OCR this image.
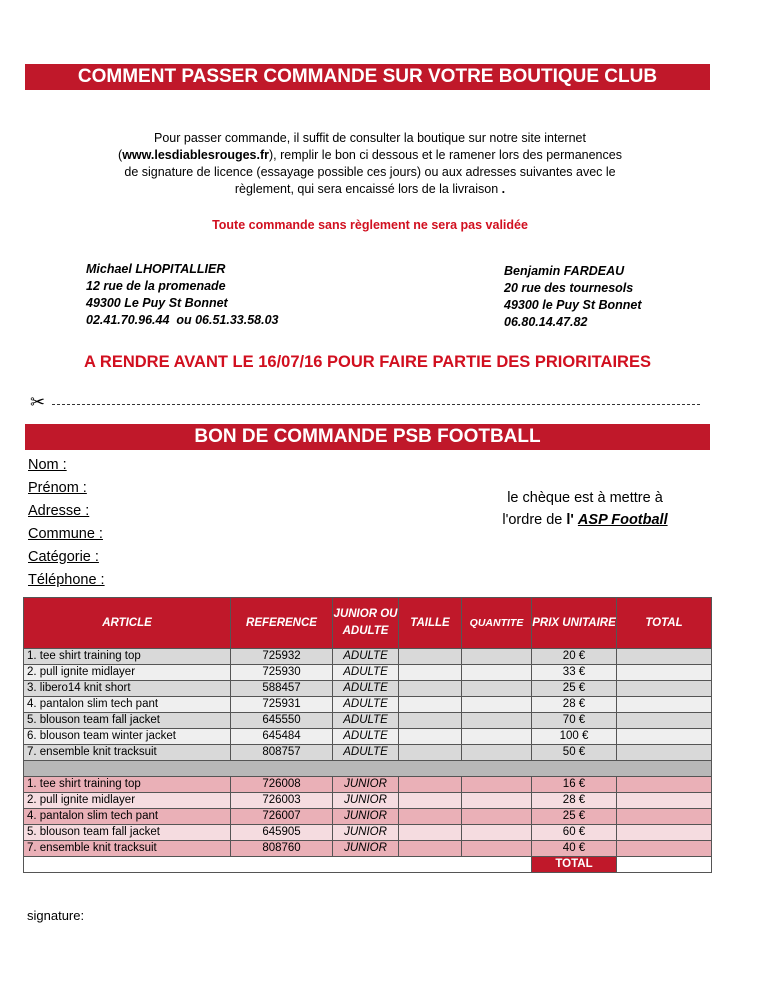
COMMENT PASSER COMMANDE SUR VOTRE BOUTIQUE CLUB
Pour passer commande, il suffit de consulter la boutique sur notre site internet (www.lesdiablesrouges.fr), remplir le bon ci dessous et le ramener lors des permanences de signature de licence (essayage possible ces jours) ou aux adresses suivantes avec le règlement, qui sera encaissé lors de la livraison .
Toute commande sans règlement ne sera pas validée
Michael LHOPITALLIER
12 rue de la promenade
49300 Le Puy St Bonnet
02.41.70.96.44  ou 06.51.33.58.03
Benjamin FARDEAU
20 rue des tournesols
49300 le Puy St Bonnet
06.80.14.47.82
A RENDRE AVANT LE 16/07/16 POUR FAIRE PARTIE DES PRIORITAIRES
✂
BON DE COMMANDE PSB FOOTBALL
Nom :
Prénom :
Adresse :
Commune :
Catégorie :
Téléphone :
le chèque est à mettre à l'ordre de l' ASP Football
ARTICLE	REFERENCE	JUNIOR OU ADULTE	TAILLE	QUANTITE	PRIX UNITAIRE	TOTAL
1. tee shirt training top	725932	ADULTE			20 €	
2. pull ignite midlayer	725930	ADULTE			33 €	
3. libero14 knit short	588457	ADULTE			25 €	
4. pantalon slim tech pant	725931	ADULTE			28 €	
5. blouson team fall jacket	645550	ADULTE			70 €	
6. blouson team winter jacket	645484	ADULTE			100 €	
7. ensemble knit tracksuit	808757	ADULTE			50 €	

1. tee shirt training top	726008	JUNIOR			16 €	
2. pull ignite midlayer	726003	JUNIOR			28 €	
4. pantalon slim tech pant	726007	JUNIOR			25 €	
5. blouson team fall jacket	645905	JUNIOR			60 €	
7. ensemble knit tracksuit	808760	JUNIOR			40 €	
					TOTAL	
signature:
